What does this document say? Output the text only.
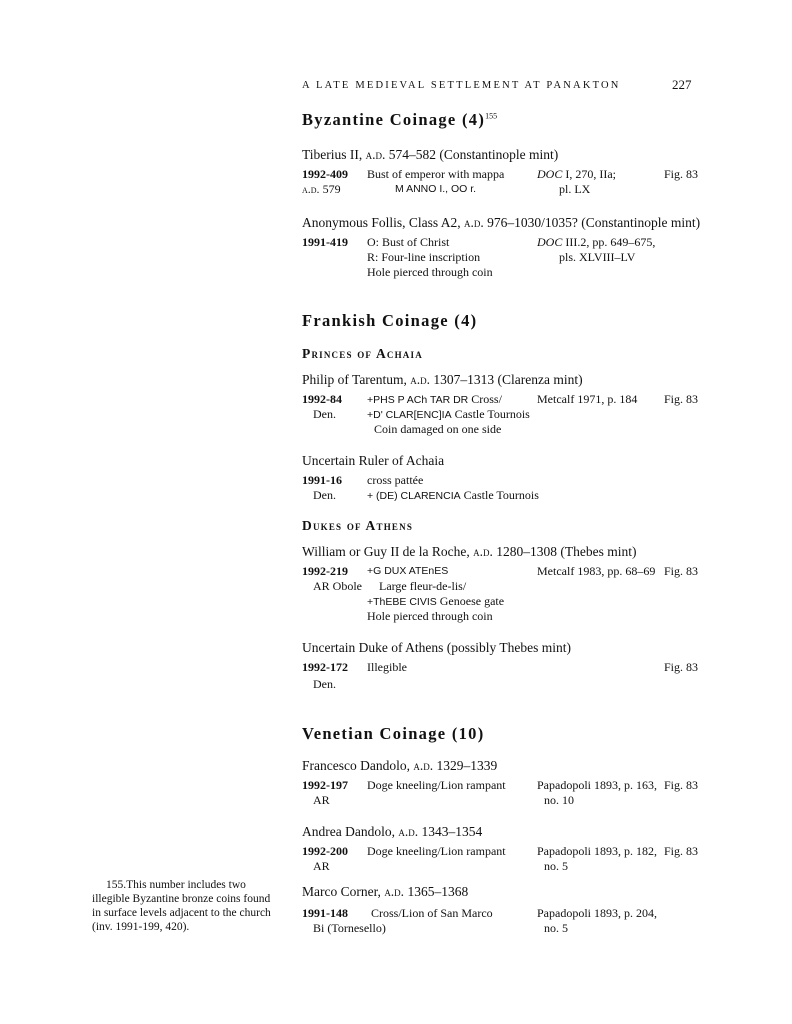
A LATE MEDIEVAL SETTLEMENT AT PANAKTON	227
Byzantine Coinage $(4)^{155}$
Tiberius II, a.d. 574–582 (Constantinople mint)
1992-409 Bust of emperor with mappa	DOC I, 270, IIa;	Fig. 83
a.d. 579	M ANNO I., OO r.	pl. LX
Anonymous Follis, Class A2, a.d. 976–1030/1035? (Constantinople mint)
1991-419 O: Bust of Christ	DOC III.2, pp. 649–675,
R: Four-line inscription	pls. XLVIII–LV
Hole pierced through coin
Frankish Coinage (4)
Princes of Achaia
Philip of Tarentum, a.d. 1307–1313 (Clarenza mint)
1992-84 +PHS P ACh TAR DR Cross/	Metcalf 1971, p. 184 Fig. 83
Den.	+D' CLAR[ENC]IA Castle Tournois
Coin damaged on one side
Uncertain Ruler of Achaia
1991-16 cross pattée
Den.	+ (DE) CLARENCIA Castle Tournois
Dukes of Athens
William or Guy II de la Roche, a.d. 1280–1308 (Thebes mint)
1992-219 +G DUX ATEnES	Metcalf 1983, pp. 68–69 Fig. 83
AR Obole Large fleur-de-lis/
+ThEBE CIVIS Genoese gate
Hole pierced through coin
Uncertain Duke of Athens (possibly Thebes mint)
1992-172 Illegible	Fig. 83
Den.
Venetian Coinage (10)
Francesco Dandolo, a.d. 1329–1339
1992-197 Doge kneeling/Lion rampant	Papadopoli 1893, p. 163, Fig. 83
AR	no. 10
Andrea Dandolo, a.d. 1343–1354
1992-200 Doge kneeling/Lion rampant	Papadopoli 1893, p. 182, Fig. 83
AR	no. 5
Marco Corner, a.d. 1365–1368
1991-148 Cross/Lion of San Marco	Papadopoli 1893, p. 204,
Bi (Tornesello)	no. 5
155.This number includes two
illegible Byzantine bronze coins found
in surface levels adjacent to the church
(inv. 1991-199, 420).
